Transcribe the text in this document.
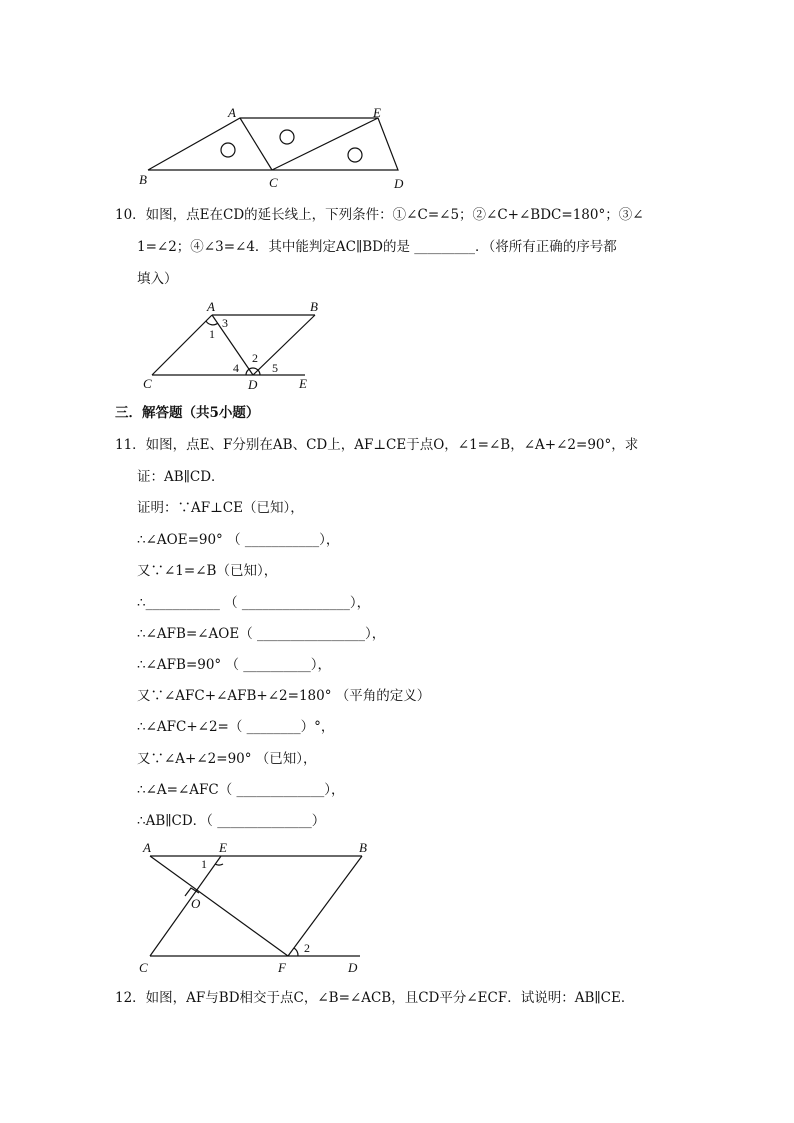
A	E
B	C	D
10．如图，点E在CD的延长线上，下列条件：①∠C=∠5；②∠C+∠BDC=180°；③∠
1=∠2；④∠3=∠4．其中能判定AC∥BD的是 _________．（将所有正确的序号都
填入）
A	B
C	D	E
1
2
3
4	5
三．解答题（共5小题）
11．如图，点E、F分别在AB、CD上，AF⊥CE于点O，∠1=∠B，∠A+∠2=90°，求
证：AB∥CD．
证明：∵AF⊥CE（已知），
∴∠AOE=90° （ ___________），
又∵∠1=∠B（已知），
∴___________ （ ________________），
∴∠AFB=∠AOE（ ________________），
∴∠AFB=90° （ __________），
又∵∠AFC+∠AFB+∠2=180° （平角的定义）
∴∠AFC+∠2=（ ________）°，
又∵∠A+∠2=90° （已知），
∴∠A=∠AFC（ _____________），
∴AB∥CD．（ ______________）
A	E	B
O
C	F	D
1
2
12．如图，AF与BD相交于点C，∠B=∠ACB，且CD平分∠ECF．试说明：AB∥CE．
